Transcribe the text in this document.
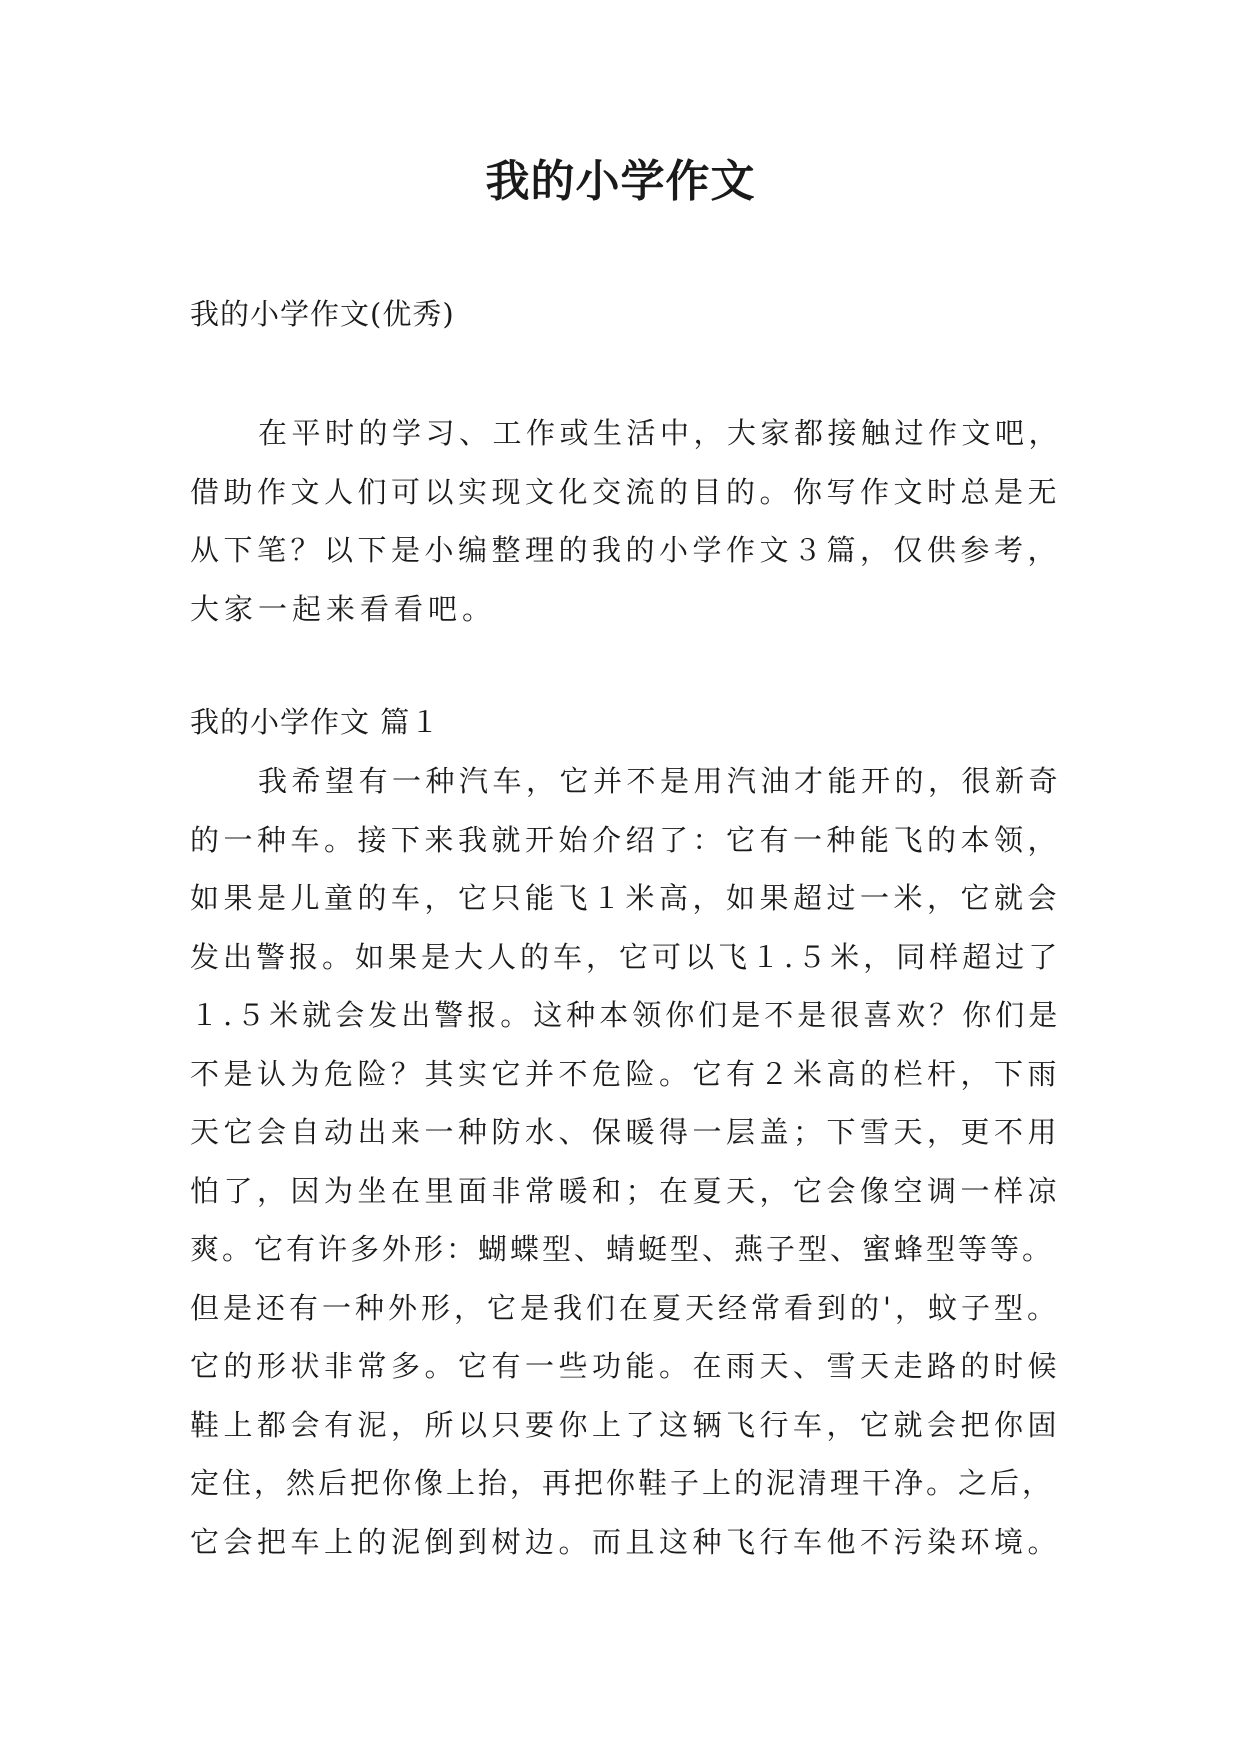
我的小学作文

我的小学作文(优秀)

在平时的学习、工作或生活中，大家都接触过作文吧，
借助作文人们可以实现文化交流的目的。你写作文时总是无
从下笔？以下是小编整理的我的小学作文３篇，仅供参考，
大家一起来看看吧。

我的小学作文 篇１

我希望有一种汽车，它并不是用汽油才能开的，很新奇
的一种车。接下来我就开始介绍了：它有一种能飞的本领，
如果是儿童的车，它只能飞１米高，如果超过一米，它就会
发出警报。如果是大人的车，它可以飞１.５米，同样超过了
１.５米就会发出警报。这种本领你们是不是很喜欢？你们是
不是认为危险？其实它并不危险。它有２米高的栏杆，下雨
天它会自动出来一种防水、保暖得一层盖；下雪天，更不用
怕了，因为坐在里面非常暖和；在夏天，它会像空调一样凉
爽。它有许多外形：蝴蝶型、蜻蜓型、燕子型、蜜蜂型等等。
但是还有一种外形，它是我们在夏天经常看到的'，蚊子型。
它的形状非常多。它有一些功能。在雨天、雪天走路的时候
鞋上都会有泥，所以只要你上了这辆飞行车，它就会把你固
定住，然后把你像上抬，再把你鞋子上的泥清理干净。之后，
它会把车上的泥倒到树边。而且这种飞行车他不污染环境。
